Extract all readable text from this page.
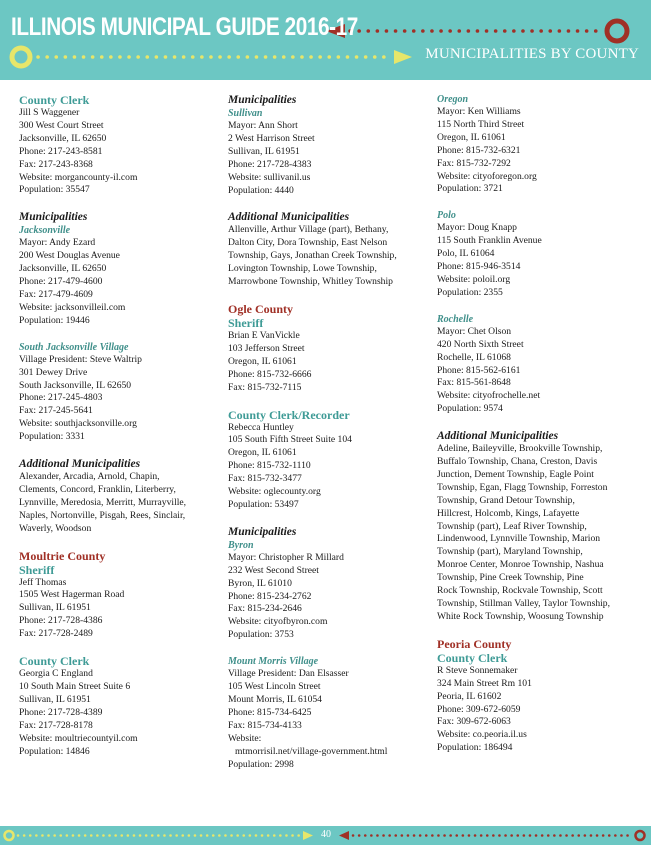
ILLINOIS MUNICIPAL GUIDE 2016-17
MUNICIPALITIES BY COUNTY
County Clerk
Jill S Waggener
300 West Court Street
Jacksonville, IL 62650
Phone: 217-243-8581
Fax: 217-243-8368
Website: morgancounty-il.com
Population: 35547
Municipalities
Jacksonville
Mayor: Andy Ezard
200 West Douglas Avenue
Jacksonville, IL 62650
Phone: 217-479-4600
Fax: 217-479-4609
Website: jacksonvilleil.com
Population: 19446
South Jacksonville Village
Village President: Steve Waltrip
301 Dewey Drive
South Jacksonville, IL 62650
Phone: 217-245-4803
Fax: 217-245-5641
Website: southjacksonville.org
Population: 3331
Additional Municipalities
Alexander, Arcadia, Arnold, Chapin,
Clements, Concord, Franklin, Literberry,
Lynnville, Meredosia, Merritt, Murrayville,
Naples, Nortonville, Pisgah, Rees, Sinclair,
Waverly, Woodson
Moultrie County
Sheriff
Jeff Thomas
1505 West Hagerman Road
Sullivan, IL 61951
Phone: 217-728-4386
Fax: 217-728-2489
County Clerk
Georgia C England
10 South Main Street Suite 6
Sullivan, IL 61951
Phone: 217-728-4389
Fax: 217-728-8178
Website: moultriecountyil.com
Population: 14846
Municipalities
Sullivan
Mayor: Ann Short
2 West Harrison Street
Sullivan, IL 61951
Phone: 217-728-4383
Website: sullivanil.us
Population: 4440
Additional Municipalities
Allenville, Arthur Village (part), Bethany,
Dalton City, Dora Township, East Nelson
Township, Gays, Jonathan Creek Township,
Lovington Township, Lowe Township,
Marrowbone Township, Whitley Township
Ogle County
Sheriff
Brian E VanVickle
103 Jefferson Street
Oregon, IL 61061
Phone: 815-732-6666
Fax: 815-732-7115
County Clerk/Recorder
Rebecca Huntley
105 South Fifth Street Suite 104
Oregon, IL 61061
Phone: 815-732-1110
Fax: 815-732-3477
Website: oglecounty.org
Population: 53497
Municipalities
Byron
Mayor: Christopher R Millard
232 West Second Street
Byron, IL 61010
Phone: 815-234-2762
Fax: 815-234-2646
Website: cityofbyron.com
Population: 3753
Mount Morris Village
Village President: Dan Elsasser
105 West Lincoln Street
Mount Morris, IL 61054
Phone: 815-734-6425
Fax: 815-734-4133
Website:
mtmorrisil.net/village-government.html
Population: 2998
Oregon
Mayor: Ken Williams
115 North Third Street
Oregon, IL 61061
Phone: 815-732-6321
Fax: 815-732-7292
Website: cityoforegon.org
Population: 3721
Polo
Mayor: Doug Knapp
115 South Franklin Avenue
Polo, IL 61064
Phone: 815-946-3514
Website: poloil.org
Population: 2355
Rochelle
Mayor: Chet Olson
420 North Sixth Street
Rochelle, IL 61068
Phone: 815-562-6161
Fax: 815-561-8648
Website: cityofrochelle.net
Population: 9574
Additional Municipalities
Adeline, Baileyville, Brookville Township,
Buffalo Township, Chana, Creston, Davis
Junction, Dement Township, Eagle Point
Township, Egan, Flagg Township, Forreston
Township, Grand Detour Township,
Hillcrest, Holcomb, Kings, Lafayette
Township (part), Leaf River Township,
Lindenwood, Lynnville Township, Marion
Township (part), Maryland Township,
Monroe Center, Monroe Township, Nashua
Township, Pine Creek Township, Pine
Rock Township, Rockvale Township, Scott
Township, Stillman Valley, Taylor Township,
White Rock Township, Woosung Township
Peoria County
County Clerk
R Steve Sonnemaker
324 Main Street Rm 101
Peoria, IL 61602
Phone: 309-672-6059
Fax: 309-672-6063
Website: co.peoria.il.us
Population: 186494
40
